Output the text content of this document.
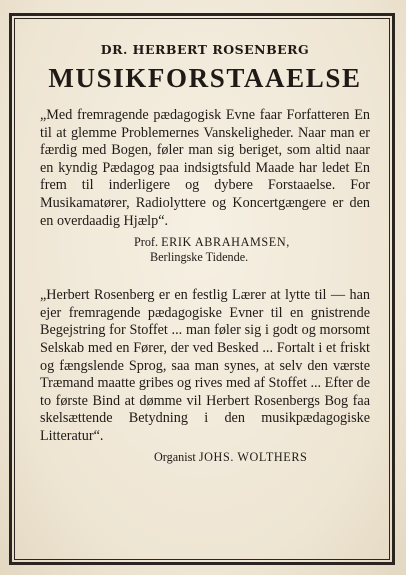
DR. HERBERT ROSENBERG

MUSIKFORSTAAELSE

„Med fremragende pædagogisk Evne faar Forfatteren En til at glemme Problemernes Vanskeligheder. Naar man er færdig med Bogen, føler man sig beriget, som altid naar en kyndig Pædagog paa indsigtsfuld Maade har ledet En frem til inderligere og dybere Forstaaelse. For Musikamatører, Radiolyttere og Koncertgængere er den en overdaadig Hjælp“.

Prof. ERIK ABRAHAMSEN,

Berlingske Tidende.

„Herbert Rosenberg er en festlig Lærer at lytte til — han ejer fremragende pædagogiske Evner til en gnistrende Begejstring for Stoffet ... man føler sig i godt og morsomt Selskab med en Fører, der ved Besked ... Fortalt i et friskt og fængslende Sprog, saa man synes, at selv den værste Træmand maatte gribes og rives med af Stoffet ... Efter de to første Bind at dømme vil Herbert Rosenbergs Bog faa skelsættende Betydning i den musikpædagogiske Litteratur“.

Organist JOHS. WOLTHERS
